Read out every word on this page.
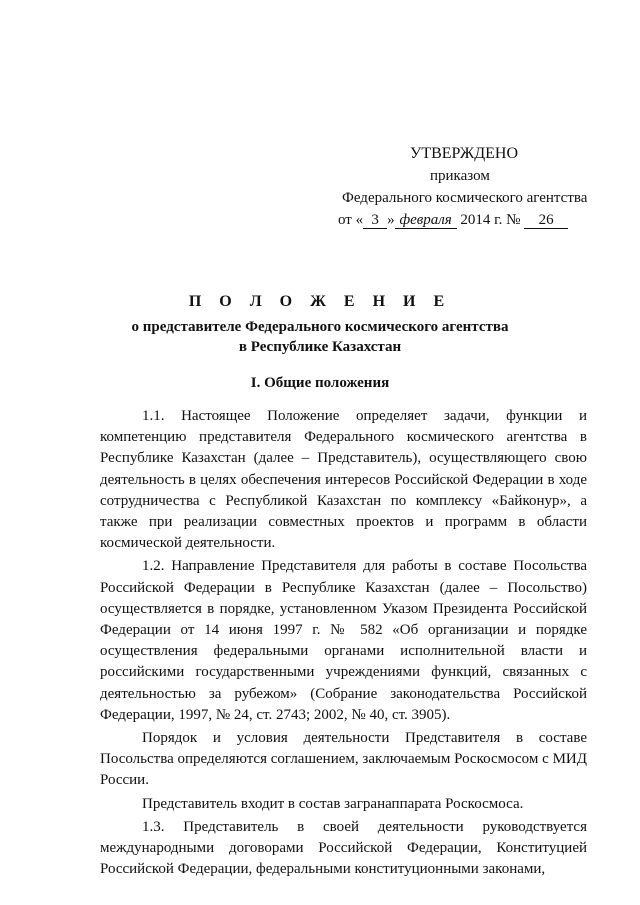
УТВЕРЖДЕНО
приказом
Федерального космического агентства
от « 3 » февраля 2014 г. № 26
П О Л О Ж Е Н И Е
о представителе Федерального космического агентства
в Республике Казахстан
I. Общие положения

1.1. Настоящее Положение определяет задачи, функции и компетенцию представителя Федерального космического агентства в Республике Казахстан (далее – Представитель), осуществляющего свою деятельность в целях обеспечения интересов Российской Федерации в ходе сотрудничества с Республикой Казахстан по комплексу «Байконур», а также при реализации совместных проектов и программ в области космической деятельности.

1.2. Направление Представителя для работы в составе Посольства Российской Федерации в Республике Казахстан (далее – Посольство) осуществляется в порядке, установленном Указом Президента Российской Федерации от 14 июня 1997 г. № 582 «Об организации и порядке осуществления федеральными органами исполнительной власти и российскими государственными учреждениями функций, связанных с деятельностью за рубежом» (Собрание законодательства Российской Федерации, 1997, № 24, ст. 2743; 2002, № 40, ст. 3905).

Порядок и условия деятельности Представителя в составе Посольства определяются соглашением, заключаемым Роскосмосом с МИД России.

Представитель входит в состав загранаппарата Роскосмоса.

1.3. Представитель в своей деятельности руководствуется международными договорами Российской Федерации, Конституцией Российской Федерации, федеральными конституционными законами,
